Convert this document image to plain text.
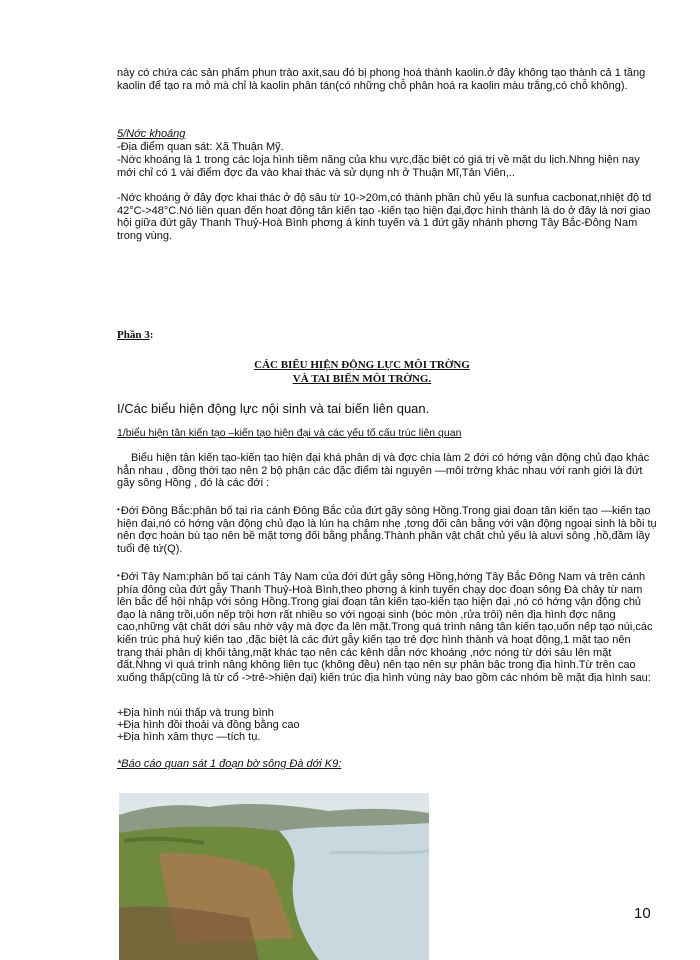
này có chứa các sản phẩm phun trào axit,sau đó bị phong hoá thành kaolin.ở đây không tạo thành cả 1 tầng kaolin để tạo ra mỏ mà chỉ là kaolin phân tán(có những chỗ phân hoá ra kaolin màu trắng,có chỗ không).

5/Nớc khoáng

-Địa điểm quan sát: Xã Thuận Mỹ.

-Nớc khoáng là 1 trong các loja hình tiềm năng của khu vực,đặc biệt có giá trị về mặt du lịch.Nhng hiện nay mới chỉ có 1 vài điểm đợc đa vào khai thác và sử dụng nh ở Thuận Mĩ,Tản Viên,..

-Nớc khoáng ở đây đợc khai thác ở độ sâu từ 10->20m,có thành phần chủ yếu là sunfua cacbonat,nhiệt độ td 42°C->48°C.Nó liên quan đến hoạt động tân kiến tạo -kiến tạo hiện đại,đợc hình thành là do ở đây là nơi giao hội giữa đứt gãy Thanh Thuỷ-Hoà Bình phơng á kinh tuyến và 1 đứt gãy nhánh phơng Tây Bắc-Đông Nam trong vùng.

Phần 3:

CÁC BIỂU HIỆN ĐỘNG LỰC MÔI TRỜNG

VÀ TAI BIẾN MÔI TRỜNG.

I/Các biểu hiện động lực nội sinh và tai biến liên quan.

1/biểu hiện tân kiến tạo –kiến tạo hiện đại và các yếu tố cấu trúc liên quan

Biểu hiện tân kiến tạo-kiến tạo hiện đại khá phân dị và đợc chia làm 2 đới có hớng vận động chủ đạo khác hẳn nhau , đồng thời tạo nên 2 bộ phận các đặc điểm tài nguyên —môi trờng khác nhau với ranh giới là đứt gãy sông Hồng , đó là các đới :

•Đới Đông Bắc:phân bố tại rìa cánh Đông Bắc của đứt gãy sông Hồng.Trong giai đoạn tân kiến tạo —kiến tạo hiện đại,nó có hớng vận động chủ đạo là lún hạ chậm nhẹ ,tơng đối cân bằng với vận động ngoại sinh là bồi tụ nên đợc hoàn bù tạo nên bề mặt tơng đối bằng phẳng.Thành phần vật chất chủ yếu là aluvi sông ,hồ,đầm lầy tuổi đệ tứ(Q).

•Đới Tây Nam:phân bố tại cánh Tây Nam của đới đứt gẫy sông Hồng,hớng Tây Bắc Đông Nam và trên cánh phía đông của đứt gẫy Thanh Thuỷ-Hoà Bình,theo phơng á kinh tuyến chạy dọc đoạn sông Đà chảy từ nam lên bắc để hội nhập với sông Hồng.Trong giai đoạn tân kiến tạo-kiến tạo hiện đại ,nó có hớng vận động chủ đạo là nâng trồi,uốn nếp trội hơn rất nhiều so với ngoại sinh (bóc mòn ,rửa trôi) nên địa hình đợc nâng cao,những vật chất dới sâu nhờ vậy mà đợc đa lên mặt.Trong quá trình nâng tân kiến tạo,uốn nếp tạo núi,các kiến trúc phá huỷ kiến tạo ,đặc biệt là các đứt gẫy kiến tạo trẻ đợc hình thành và hoạt động,1 mặt tạo nên trạng thái phân dị khối tảng,mặt khác tạo nên các kênh dẫn nớc khoáng ,nớc nóng từ dới sâu lên mặt đất.Nhng vì quá trình nâng không liên tục (không đều) nên tạo nên sự phân bậc trong địa hình.Từ trên cao xuống thấp(cũng là từ cổ ->trẻ->hiện đại) kiến trúc địa hình vùng này bao gồm các nhóm bề mặt địa hình sau:

+Địa hình núi thấp và trung bình

+Địa hình đồi thoải và đồng bằng cao

+Địa hình xâm thực —tích tụ.

*Báo cáo quan sát 1 đoạn bờ sông Đà dới K9:

10
